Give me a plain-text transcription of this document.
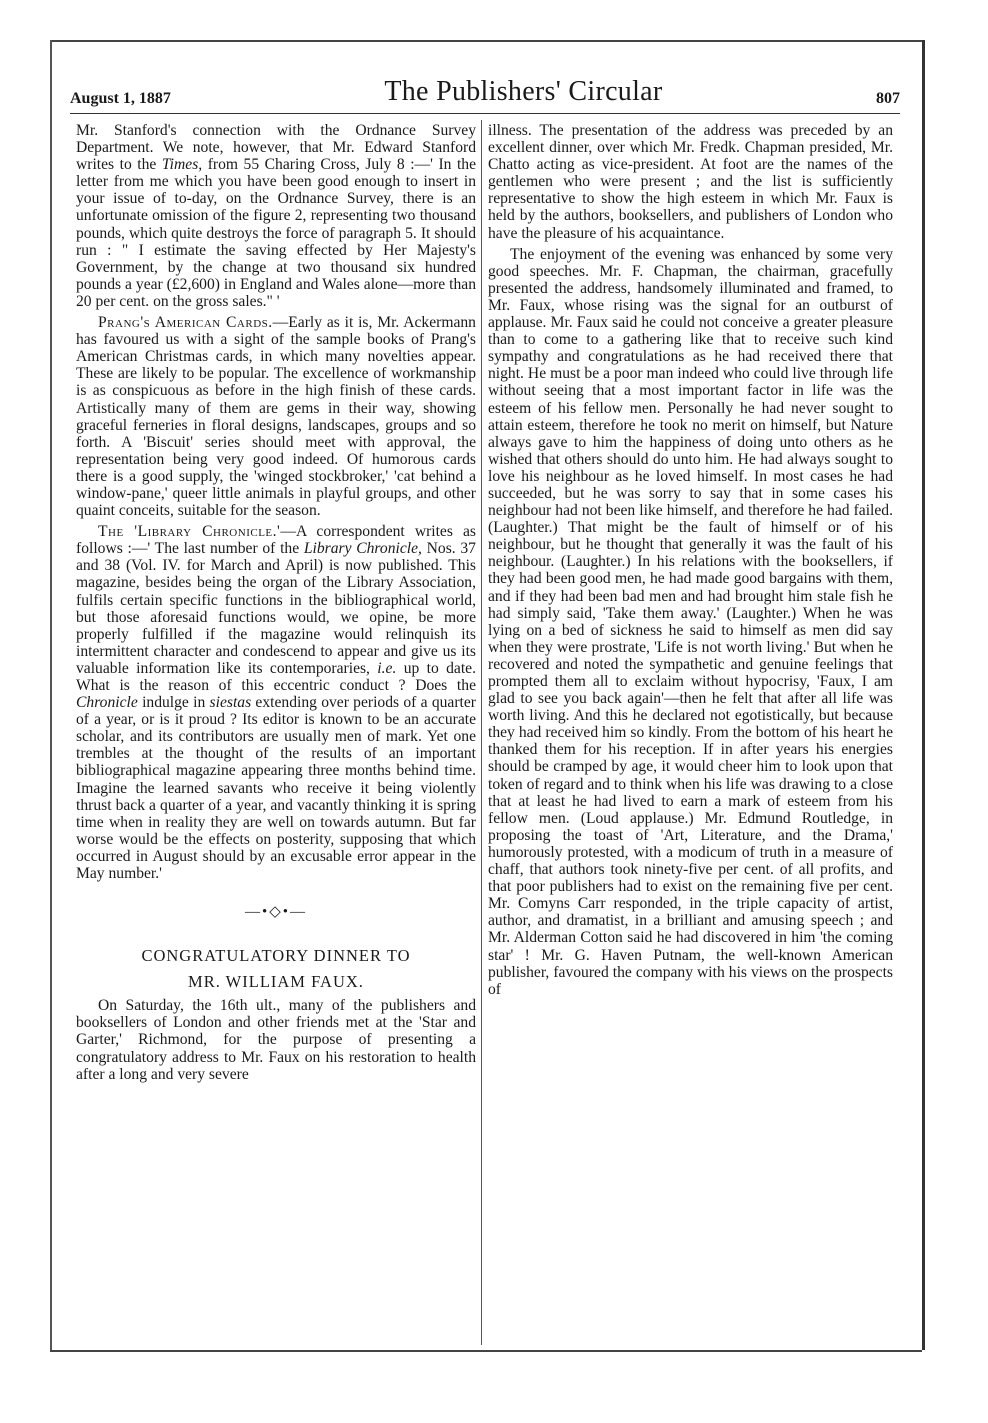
August 1, 1887	The Publishers' Circular	807

Mr. Stanford's connection with the Ordnance Survey Department. We note, however, that Mr. Edward Stanford writes to the Times, from 55 Charing Cross, July 8 :—' In the letter from me which you have been good enough to insert in your issue of to-day, on the Ordnance Survey, there is an unfortunate omission of the figure 2, representing two thousand pounds, which quite destroys the force of paragraph 5. It should run : " I estimate the saving effected by Her Majesty's Government, by the change at two thousand six hundred pounds a year (£2,600) in England and Wales alone—more than 20 per cent. on the gross sales." '

Prang's American Cards.—Early as it is, Mr. Ackermann has favoured us with a sight of the sample books of Prang's American Christmas cards, in which many novelties appear. These are likely to be popular. The excellence of workmanship is as conspicuous as before in the high finish of these cards. Artistically many of them are gems in their way, showing graceful ferneries in floral designs, landscapes, groups and so forth. A 'Biscuit' series should meet with approval, the representation being very good indeed. Of humorous cards there is a good supply, the 'winged stockbroker,' 'cat behind a window-pane,' queer little animals in playful groups, and other quaint conceits, suitable for the season.

The 'Library Chronicle.'—A correspondent writes as follows :—' The last number of the Library Chronicle, Nos. 37 and 38 (Vol. IV. for March and April) is now published. This magazine, besides being the organ of the Library Association, fulfils certain specific functions in the bibliographical world, but those aforesaid functions would, we opine, be more properly fulfilled if the magazine would relinquish its intermittent character and condescend to appear and give us its valuable information like its contemporaries, i.e. up to date. What is the reason of this eccentric conduct ? Does the Chronicle indulge in siestas extending over periods of a quarter of a year, or is it proud ? Its editor is known to be an accurate scholar, and its contributors are usually men of mark. Yet one trembles at the thought of the results of an important bibliographical magazine appearing three months behind time. Imagine the learned savants who receive it being violently thrust back a quarter of a year, and vacantly thinking it is spring time when in reality they are well on towards autumn. But far worse would be the effects on posterity, supposing that which occurred in August should by an excusable error appear in the May number.'

—•◇•—
CONGRATULATORY DINNER TO
MR. WILLIAM FAUX.

On Saturday, the 16th ult., many of the publishers and booksellers of London and other friends met at the 'Star and Garter,' Richmond, for the purpose of presenting a congratulatory address to Mr. Faux on his restoration to health after a long and very severe

illness. The presentation of the address was preceded by an excellent dinner, over which Mr. Fredk. Chapman presided, Mr. Chatto acting as vice-president. At foot are the names of the gentlemen who were present ; and the list is sufficiently representative to show the high esteem in which Mr. Faux is held by the authors, booksellers, and publishers of London who have the pleasure of his acquaintance.

The enjoyment of the evening was enhanced by some very good speeches. Mr. F. Chapman, the chairman, gracefully presented the address, handsomely illuminated and framed, to Mr. Faux, whose rising was the signal for an outburst of applause. Mr. Faux said he could not conceive a greater pleasure than to come to a gathering like that to receive such kind sympathy and congratulations as he had received there that night. He must be a poor man indeed who could live through life without seeing that a most important factor in life was the esteem of his fellow men. Personally he had never sought to attain esteem, therefore he took no merit on himself, but Nature always gave to him the happiness of doing unto others as he wished that others should do unto him. He had always sought to love his neighbour as he loved himself. In most cases he had succeeded, but he was sorry to say that in some cases his neighbour had not been like himself, and therefore he had failed. (Laughter.) That might be the fault of himself or of his neighbour, but he thought that generally it was the fault of his neighbour. (Laughter.) In his relations with the booksellers, if they had been good men, he had made good bargains with them, and if they had been bad men and had brought him stale fish he had simply said, 'Take them away.' (Laughter.) When he was lying on a bed of sickness he said to himself as men did say when they were prostrate, 'Life is not worth living.' But when he recovered and noted the sympathetic and genuine feelings that prompted them all to exclaim without hypocrisy, 'Faux, I am glad to see you back again'—then he felt that after all life was worth living. And this he declared not egotistically, but because they had received him so kindly. From the bottom of his heart he thanked them for his reception. If in after years his energies should be cramped by age, it would cheer him to look upon that token of regard and to think when his life was drawing to a close that at least he had lived to earn a mark of esteem from his fellow men. (Loud applause.) Mr. Edmund Routledge, in proposing the toast of 'Art, Literature, and the Drama,' humorously protested, with a modicum of truth in a measure of chaff, that authors took ninety-five per cent. of all profits, and that poor publishers had to exist on the remaining five per cent. Mr. Comyns Carr responded, in the triple capacity of artist, author, and dramatist, in a brilliant and amusing speech ; and Mr. Alderman Cotton said he had discovered in him 'the coming star' ! Mr. G. Haven Putnam, the well-known American publisher, favoured the company with his views on the prospects of
